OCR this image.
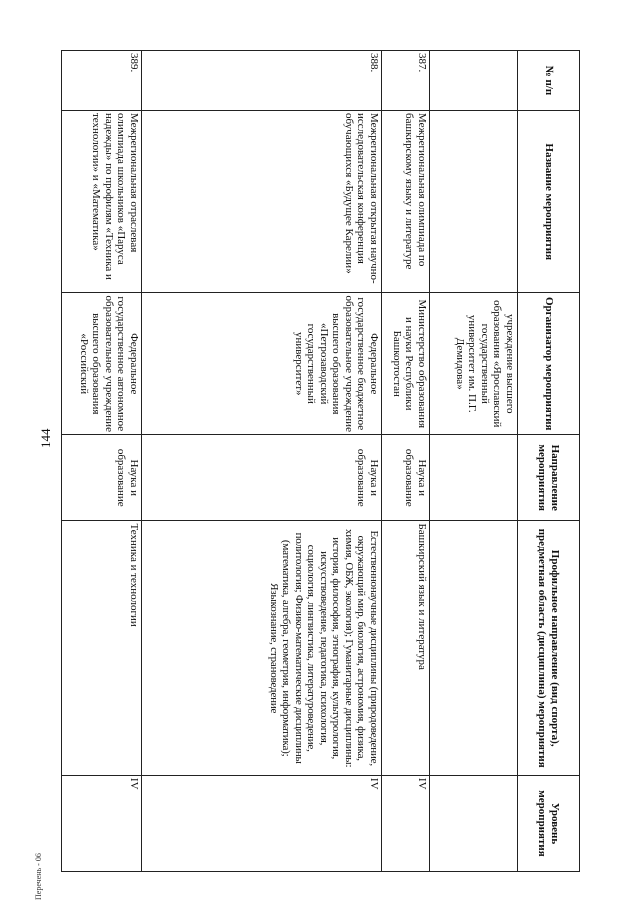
144
№ п/п	Название мероприятия	Организатор мероприятия	Направление мероприятия	Профильное направление (вид спорта), предметная область (дисциплина) мероприятия	Уровень мероприятия
		учреждение высшего образования «Ярославский государственный университет им. П.Г. Демидова»			
387.	Межрегиональная олимпиада по башкирскому языку и литературе	Министерство образования и науки Республики Башкортостан	Наука и образование	Башкирский язык и литература	IV
388.	Межрегиональная открытая научно-исследовательская конференция обучающихся «Будущее Карелии»	Федеральное государственное бюджетное образовательное учреждение высшего образования «Петрозаводский государственный университет»	Наука и образование	Естественнонаучные дисциплины (природоведение, окружающий мир, биология, астрономия, физика, химия, ОБЖ, экология); Гуманитарные дисциплины: история, философия, этнография, культурология, искусствоведение, педагогика, психология, социология, лингвистика, литературоведение, политология; Физико-математические дисциплины (математика, алгебра, геометрия, информатика); Языкознание, страноведение	IV
389.	Межрегиональная отраслевая олимпиада школьников «Паруса надежды» по профилям «Техника и технологии» и «Математика»	Федеральное государственное автономное образовательное учреждение высшего образования «Российский	Наука и образование	Техника и технологии	IV
Перечень - 06
